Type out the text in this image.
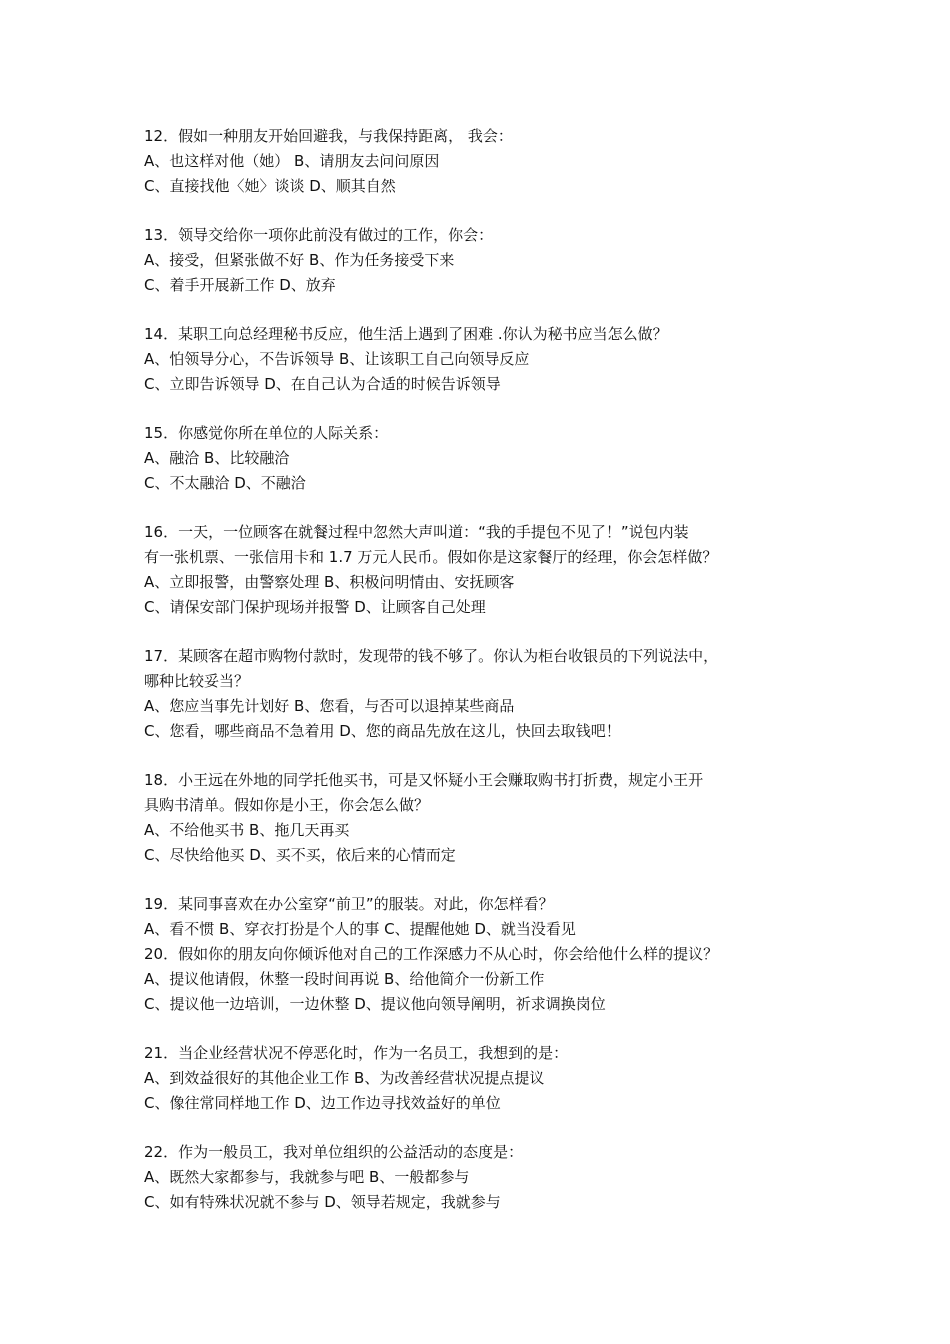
12．假如一种朋友开始回避我，与我保持距离， 我会：

A、也这样对他（她） B、请朋友去问问原因

C、直接找他〈她〉谈谈 D、顺其自然

13．领导交给你一项你此前没有做过的工作，你会：

A、接受，但紧张做不好 B、作为任务接受下来

C、着手开展新工作 D、放弃

14．某职工向总经理秘书反应，他生活上遇到了困难 .你认为秘书应当怎么做？

A、怕领导分心，不告诉领导 B、让该职工自己向领导反应

C、立即告诉领导 D、在自己认为合适的时候告诉领导

15．你感觉你所在单位的人际关系：

A、融洽 B、比较融洽

C、不太融洽 D、不融洽

16．一天，一位顾客在就餐过程中忽然大声叫道：“我的手提包不见了！”说包内装

有一张机票、一张信用卡和 1.7 万元人民币。假如你是这家餐厅的经理，你会怎样做？

A、立即报警，由警察处理 B、积极问明情由、安抚顾客

C、请保安部门保护现场并报警 D、让顾客自己处理

17．某顾客在超市购物付款时，发现带的钱不够了。你认为柜台收银员的下列说法中，

哪种比较妥当？

A、您应当事先计划好 B、您看，与否可以退掉某些商品

C、您看，哪些商品不急着用 D、您的商品先放在这儿，快回去取钱吧！

18．小王远在外地的同学托他买书，可是又怀疑小王会赚取购书打折费，规定小王开

具购书清单。假如你是小王，你会怎么做？

A、不给他买书 B、拖几天再买

C、尽快给他买 D、买不买，依后来的心情而定

19．某同事喜欢在办公室穿“前卫”的服装。对此，你怎样看？

A、看不惯 B、穿衣打扮是个人的事 C、提醒他她 D、就当没看见

20．假如你的朋友向你倾诉他对自己的工作深感力不从心时，你会给他什么样的提议？

A、提议他请假，休整一段时间再说 B、给他简介一份新工作

C、提议他一边培训，一边休整 D、提议他向领导阐明，祈求调换岗位

21．当企业经营状况不停恶化时，作为一名员工，我想到的是：

A、到效益很好的其他企业工作 B、为改善经营状况提点提议

C、像往常同样地工作 D、边工作边寻找效益好的单位

22．作为一般员工，我对单位组织的公益活动的态度是：

A、既然大家都参与，我就参与吧 B、一般都参与

C、如有特殊状况就不参与 D、领导若规定，我就参与
